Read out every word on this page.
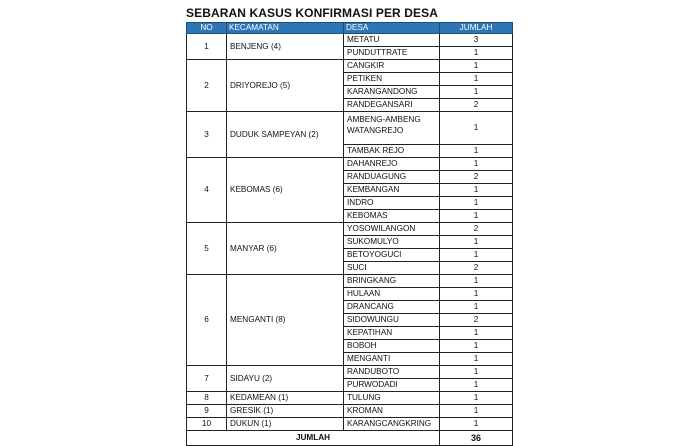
SEBARAN KASUS KONFIRMASI PER DESA
NO	KECAMATAN	DESA	JUMLAH
1	BENJENG (4)	METATU	3
		PUNDUTTRATE	1
2	DRIYOREJO (5)	CANGKIR	1
		PETIKEN	1
		KARANGANDONG	1
		RANDEGANSARI	2
3	DUDUK SAMPEYAN (2)	AMBENG-AMBENG WATANGREJO	1
		TAMBAK REJO	1
4	KEBOMAS (6)	DAHANREJO	1
		RANDUAGUNG	2
		KEMBANGAN	1
		INDRO	1
		KEBOMAS	1
5	MANYAR (6)	YOSOWILANGON	2
		SUKOMULYO	1
		BETOYOGUCI	1
		SUCI	2
6	MENGANTI (8)	BRINGKANG	1
		HULAAN	1
		DRANCANG	1
		SIDOWUNGU	2
		KEPATIHAN	1
		BOBOH	1
		MENGANTI	1
7	SIDAYU (2)	RANDUBOTO	1
		PURWODADI	1
8	KEDAMEAN (1)	TULUNG	1
9	GRESIK (1)	KROMAN	1
10	DUKUN (1)	KARANGCANGKRING	1
JUMLAH			36
